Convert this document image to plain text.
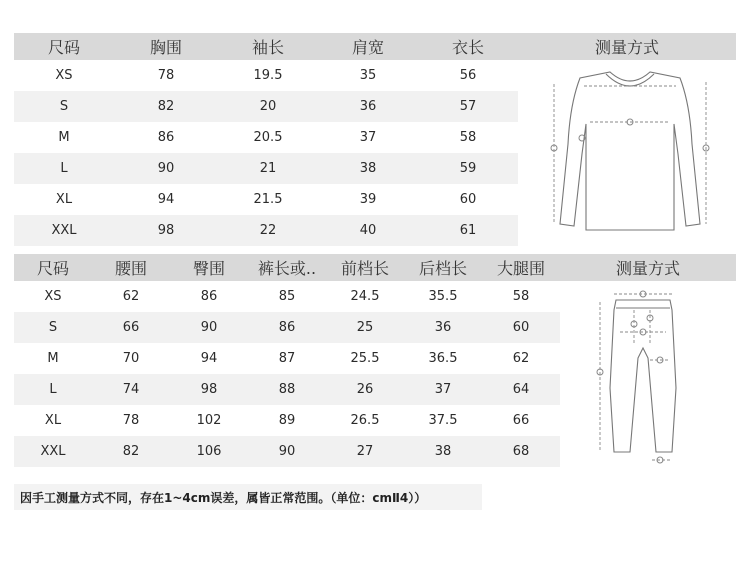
尺码	胸围	袖长	肩宽	衣长
XS	78	19.5	35	56
S	82	20	36	57
M	86	20.5	37	58
L	90	21	38	59
XL	94	21.5	39	60
XXL	98	22	40	61
测量方式
尺码	腰围	臀围	裤长或..	前档长	后档长	大腿围
XS	62	86	85	24.5	35.5	58
S	66	90	86	25	36	60
M	70	94	87	25.5	36.5	62
L	74	98	88	26	37	64
XL	78	102	89	26.5	37.5	66
XXL	82	106	90	27	38	68
测量方式
因手工测量方式不同，存在1~4cm误差，属皆正常范围。（单位：cmⅡ4））
